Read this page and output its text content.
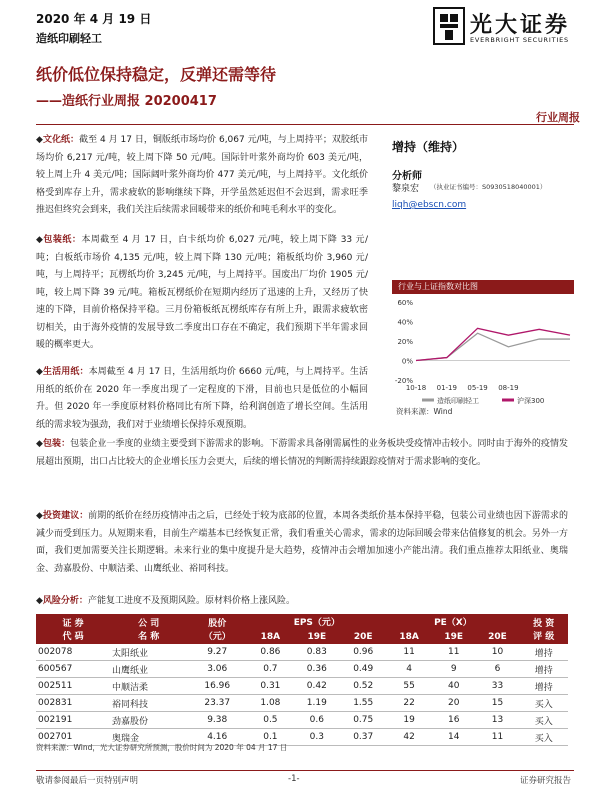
2020 年 4 月 19 日
造纸印刷轻工
光大证券
EVERBRIGHT SECURITIES
纸价低位保持稳定，反弹还需等待
——造纸行业周报 20200417
行业周报
◆文化纸：截至 4 月 17 日，铜版纸市场均价 6,067 元/吨，与上周持平；双胶纸市场均价 6,217 元/吨，较上周下降 50 元/吨。国际针叶浆外商均价 603 美元/吨，较上周上升 4 美元/吨；国际阔叶浆外商均价 477 美元/吨，与上周持平。文化纸价格受到库存上升，需求疲软的影响继续下降，开学虽然延迟但不会迟到，需求旺季推迟但终究会到来，我们关注后续需求回暖带来的纸价和吨毛利水平的变化。
◆包装纸：本周截至 4 月 17 日，白卡纸均价 6,027 元/吨，较上周下降 33 元/吨；白板纸市场价 4,135 元/吨，较上周下降 130 元/吨；箱板纸均价 3,960 元/吨，与上周持平；瓦楞纸均价 3,245 元/吨，与上周持平。国废出厂均价 1905 元/吨，较上周下降 39 元/吨。箱板瓦楞纸价在短期内经历了迅速的上升，又经历了快速的下降，目前价格保持平稳。三月份箱板纸瓦楞纸库存有所上升，跟需求疲软密切相关，由于海外疫情的发展导致二季度出口存在不确定，我们预期下半年需求回暖的概率更大。
◆生活用纸：本周截至 4 月 17 日，生活用纸均价 6660 元/吨，与上周持平。生活用纸的纸价在 2020 年一季度出现了一定程度的下滑，目前也只是低位的小幅回升。但 2020 年一季度原材料价格同比有所下降，给利润创造了增长空间。生活用纸的需求较为强劲，我们对于业绩增长保持乐观预期。
◆包装：包装企业一季度的业绩主要受到下游需求的影响。下游需求具备刚需属性的业务板块受疫情冲击较小。同时由于海外的疫情发展超出预期，出口占比较大的企业增长压力会更大，后续的增长情况的判断需持续跟踪疫情对于需求影响的变化。
◆投资建议：前期的纸价在经历疫情冲击之后，已经处于较为底部的位置，本周各类纸价基本保持平稳，包装公司业绩也因下游需求的减少而受到压力。从短期来看，目前生产端基本已经恢复正常，我们看重关心需求，需求的边际回暖会带来估值修复的机会。另外一方面，我们更加需要关注长期逻辑。未来行业的集中度提升是大趋势，疫情冲击会增加加速小产能出清。我们重点推荐太阳纸业、奥瑞金、劲嘉股份、中顺洁柔、山鹰纸业、裕同科技。
◆风险分析：产能复工进度不及预期风险。原材料价格上涨风险。
增持（维持）
分析师
黎泉宏 （执业证书编号：S0930518040001）
liqh@ebscn.com
行业与上证指数对比图
60%
40%
20%
0%
-20%
10-18 01-19 05-19 08-19
造纸印刷轻工	沪深300
资料来源：Wind
证 券
代 码	公 司
名 称	股价
（元）	EPS（元）			PE（X）			投 资
评 级
			18A	19E	20E	18A	19E	20E	
002078	太阳纸业	9.27	0.86	0.83	0.96	11	11	10	增持
600567	山鹰纸业	3.06	0.7	0.36	0.49	4	9	6	增持
002511	中顺洁柔	16.96	0.31	0.42	0.52	55	40	33	增持
002831	裕同科技	23.37	1.08	1.19	1.55	22	20	15	买入
002191	劲嘉股份	9.38	0.5	0.6	0.75	19	16	13	买入
002701	奥瑞金	4.16	0.1	0.3	0.37	42	14	11	买入
资料来源：Wind，光大证券研究所预测，股价时间为 2020 年 04 月 17 日
敬请参阅最后一页特别声明	-1-	证券研究报告
